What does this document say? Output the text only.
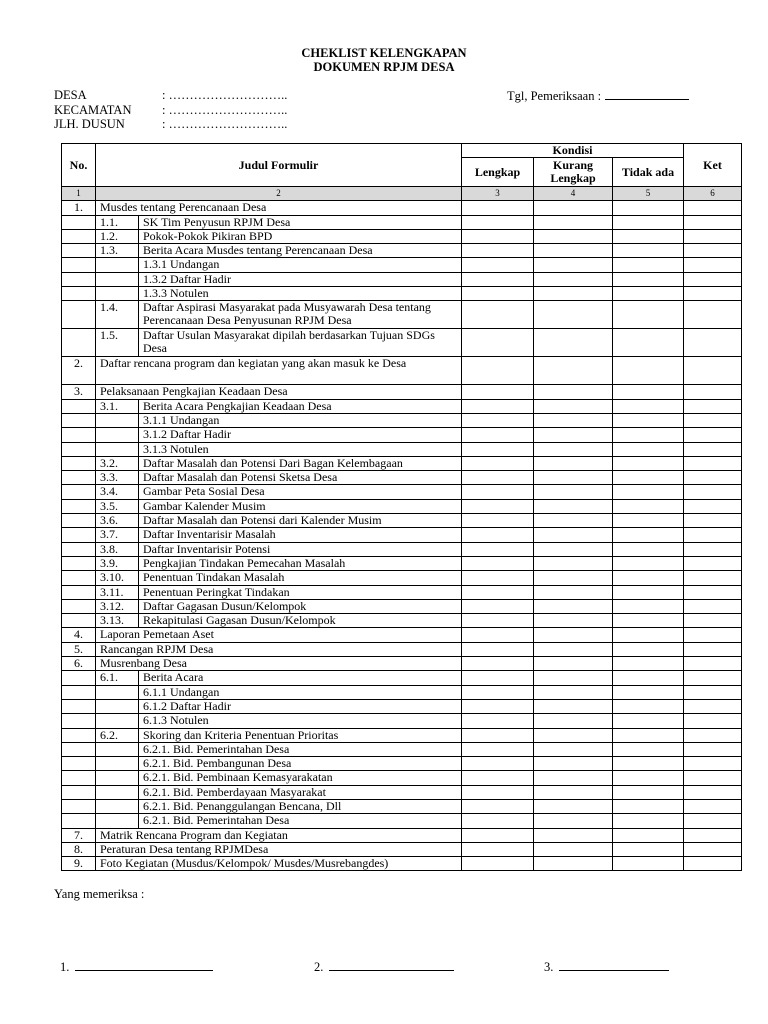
CHEKLIST KELENGKAPAN
DOKUMEN RPJM DESA
DESA	: ………………………..
KECAMATAN	: ………………………..
JLH. DUSUN	: ………………………..
Tgl, Pemeriksaan :
No.	Judul Formulir		Kondisi			Ket
			Lengkap	Kurang Lengkap	Tidak ada	
1	2		3	4	5	6
1.	Musdes tentang Perencanaan Desa					
	1.1.	SK Tim Penyusun RPJM Desa				
	1.2.	Pokok-Pokok Pikiran BPD				
	1.3.	Berita Acara Musdes tentang Perencanaan Desa				
		1.3.1 Undangan				
		1.3.2 Daftar Hadir				
		1.3.3 Notulen				
	1.4.	Daftar Aspirasi Masyarakat pada Musyawarah Desa tentang Perencanaan Desa Penyusunan RPJM Desa				
	1.5.	Daftar Usulan Masyarakat dipilah berdasarkan Tujuan SDGs Desa				
2.	Daftar rencana program dan kegiatan yang akan masuk ke Desa					
3.	Pelaksanaan Pengkajian Keadaan Desa					
	3.1.	Berita Acara Pengkajian Keadaan Desa				
		3.1.1 Undangan				
		3.1.2 Daftar Hadir				
		3.1.3 Notulen				
	3.2.	Daftar Masalah dan Potensi Dari Bagan Kelembagaan				
	3.3.	Daftar Masalah dan Potensi Sketsa Desa				
	3.4.	Gambar Peta Sosial Desa				
	3.5.	Gambar Kalender Musim				
	3.6.	Daftar Masalah dan Potensi dari Kalender Musim				
	3.7.	Daftar Inventarisir Masalah				
	3.8.	Daftar Inventarisir Potensi				
	3.9.	Pengkajian Tindakan Pemecahan Masalah				
	3.10.	Penentuan Tindakan Masalah				
	3.11.	Penentuan Peringkat Tindakan				
	3.12.	Daftar Gagasan Dusun/Kelompok				
	3.13.	Rekapitulasi Gagasan Dusun/Kelompok				
4.	Laporan Pemetaan Aset					
5.	Rancangan RPJM Desa					
6.	Musrenbang Desa					
	6.1.	Berita Acara				
		6.1.1 Undangan				
		6.1.2 Daftar Hadir				
		6.1.3 Notulen				
	6.2.	Skoring dan Kriteria Penentuan Prioritas				
		6.2.1. Bid. Pemerintahan Desa				
		6.2.1. Bid. Pembangunan Desa				
		6.2.1. Bid. Pembinaan Kemasyarakatan				
		6.2.1. Bid. Pemberdayaan Masyarakat				
		6.2.1. Bid. Penanggulangan Bencana, Dll				
		6.2.1. Bid. Pemerintahan Desa				
7.	Matrik Rencana Program dan Kegiatan					
8.	Peraturan Desa tentang RPJMDesa					
9.	Foto Kegiatan (Musdus/Kelompok/ Musdes/Musrebangdes)					
Yang memeriksa :
1.	2.	3.
